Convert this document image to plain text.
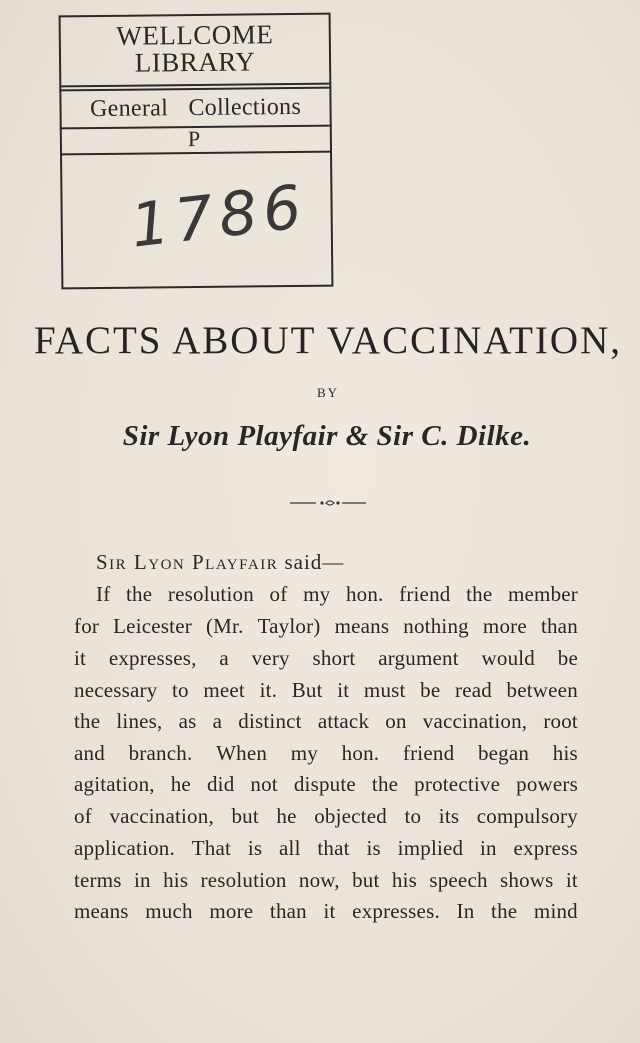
WELLCOME
LIBRARY
General Collections
P
1786
FACTS ABOUT VACCINATION,
BY
Sir Lyon Playfair & Sir C. Dilke.
Sir Lyon Playfair said—
If the resolution of my hon. friend the member
for Leicester (Mr. Taylor) means nothing more than
it expresses, a very short argument would be
necessary to meet it. But it must be read between
the lines, as a distinct attack on vaccination, root
and branch. When my hon. friend began his
agitation, he did not dispute the protective powers
of vaccination, but he objected to its compulsory
application. That is all that is implied in express
terms in his resolution now, but his speech shows it
means much more than it expresses. In the mind
